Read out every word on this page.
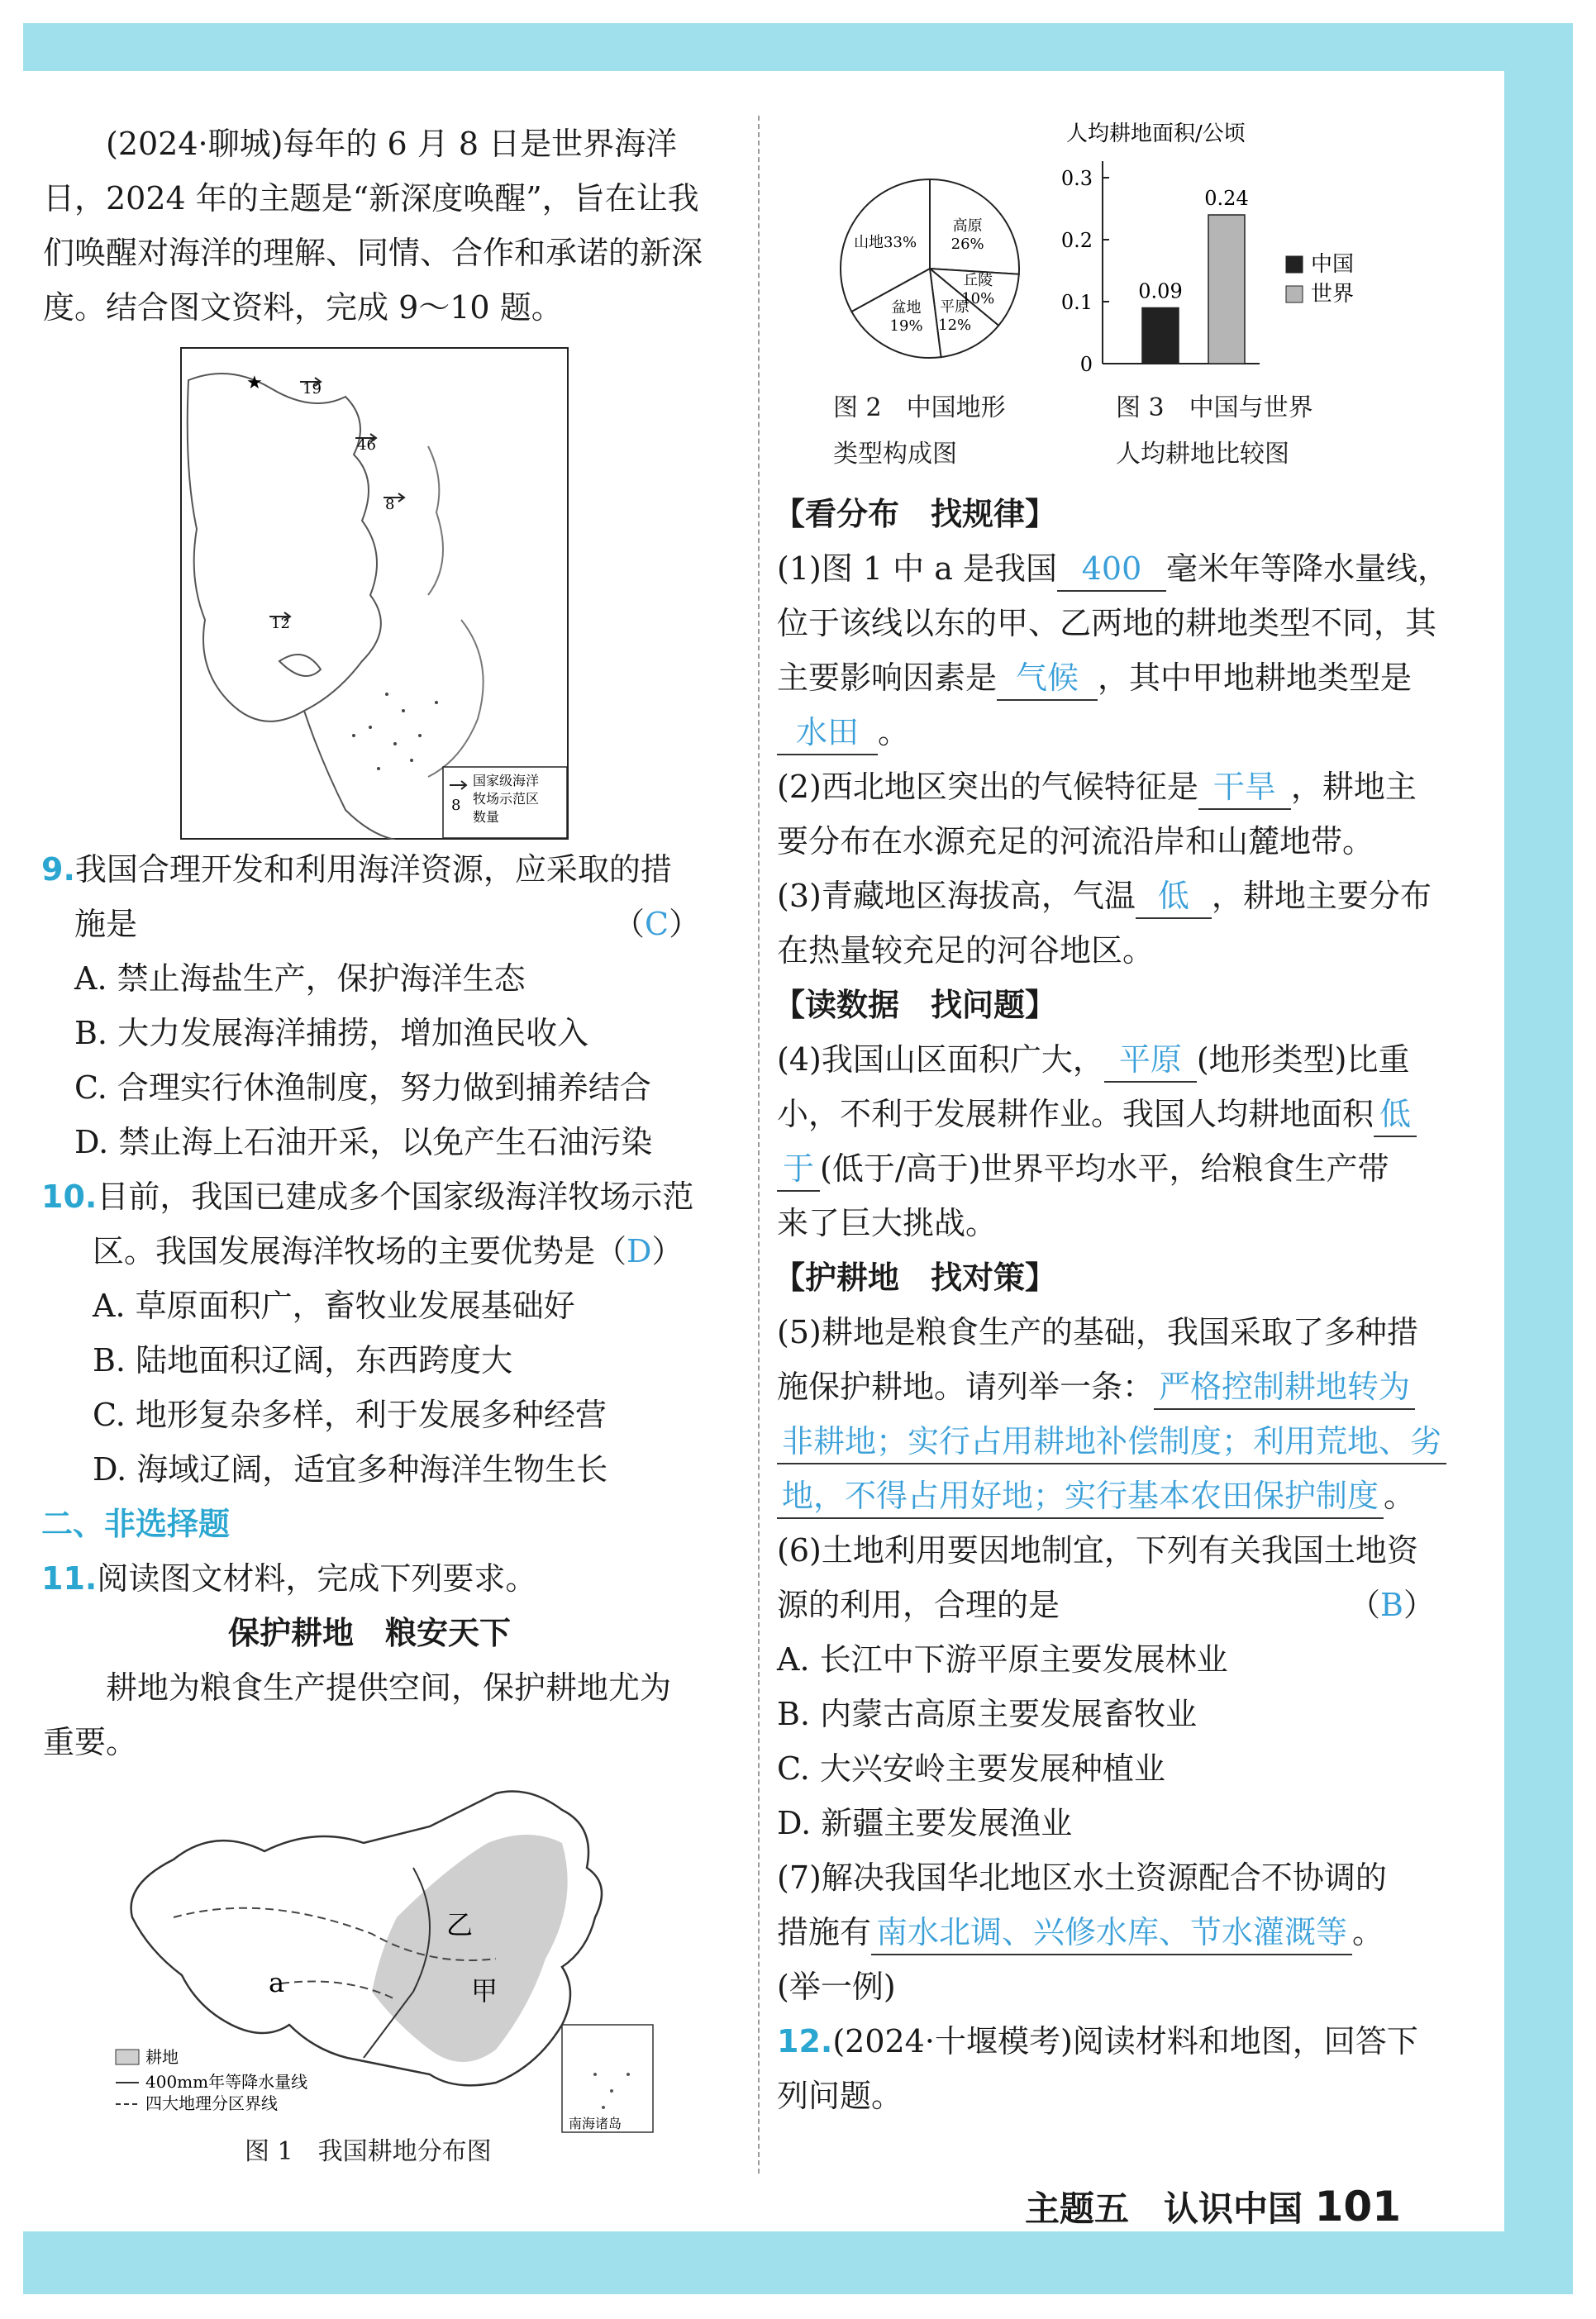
(2024·聊城)每年的 6 月 8 日是世界海洋
日，2024 年的主题是“新深度唤醒”，旨在让我
们唤醒对海洋的理解、同情、合作和承诺的新深
度。结合图文资料，完成 9～10 题。
19
46
8
12
★
8
国家级海洋
牧场示范区
数量
9.我国合理开发和利用海洋资源，应采取的措
施是	（C）
A. 禁止海盐生产，保护海洋生态
B. 大力发展海洋捕捞，增加渔民收入
C. 合理实行休渔制度，努力做到捕养结合
D. 禁止海上石油开采，以免产生石油污染
10.目前，我国已建成多个国家级海洋牧场示范
区。我国发展海洋牧场的主要优势是（D）
A. 草原面积广，畜牧业发展基础好
B. 陆地面积辽阔，东西跨度大
C. 地形复杂多样，利于发展多种经营
D. 海域辽阔，适宜多种海洋生物生长
二、非选择题
11.阅读图文材料，完成下列要求。
保护耕地　粮安天下
耕地为粮食生产提供空间，保护耕地尤为
重要。
a
乙
甲
南海诸岛
耕地
400mm年等降水量线
四大地理分区界线
图 1　我国耕地分布图
高原
26%
丘陵
10%
平原
12%
盆地
19%
山地33%
图 2　中国地形
类型构成图
人均耕地面积/公顷
0.3
0.2
0.1
0
0.09
0.24
中国
世界
图 3　中国与世界
人均耕地比较图
【看分布　找规律】
(1)图 1 中 a 是我国 400 毫米年等降水量线，
位于该线以东的甲、乙两地的耕地类型不同，其
主要影响因素是 气候 ，其中甲地耕地类型是
水田 。
(2)西北地区突出的气候特征是 干旱 ，耕地主
要分布在水源充足的河流沿岸和山麓地带。
(3)青藏地区海拔高，气温 低 ，耕地主要分布
在热量较充足的河谷地区。
【读数据　找问题】
(4)我国山区面积广大， 平原 (地形类型)比重
小，不利于发展耕作业。我国人均耕地面积 低
于 (低于/高于)世界平均水平，给粮食生产带
来了巨大挑战。
【护耕地　找对策】
(5)耕地是粮食生产的基础，我国采取了多种措
施保护耕地。请列举一条： 严格控制耕地转为
非耕地；实行占用耕地补偿制度；利用荒地、劣
地，不得占用好地；实行基本农田保护制度 。
(6)土地利用要因地制宜，下列有关我国土地资
源的利用，合理的是	（B）
A. 长江中下游平原主要发展林业
B. 内蒙古高原主要发展畜牧业
C. 大兴安岭主要发展种植业
D. 新疆主要发展渔业
(7)解决我国华北地区水土资源配合不协调的
措施有 南水北调、兴修水库、节水灌溉等 。
(举一例)
12.(2024·十堰模考)阅读材料和地图，回答下
列问题。
主题五　认识中国 101
